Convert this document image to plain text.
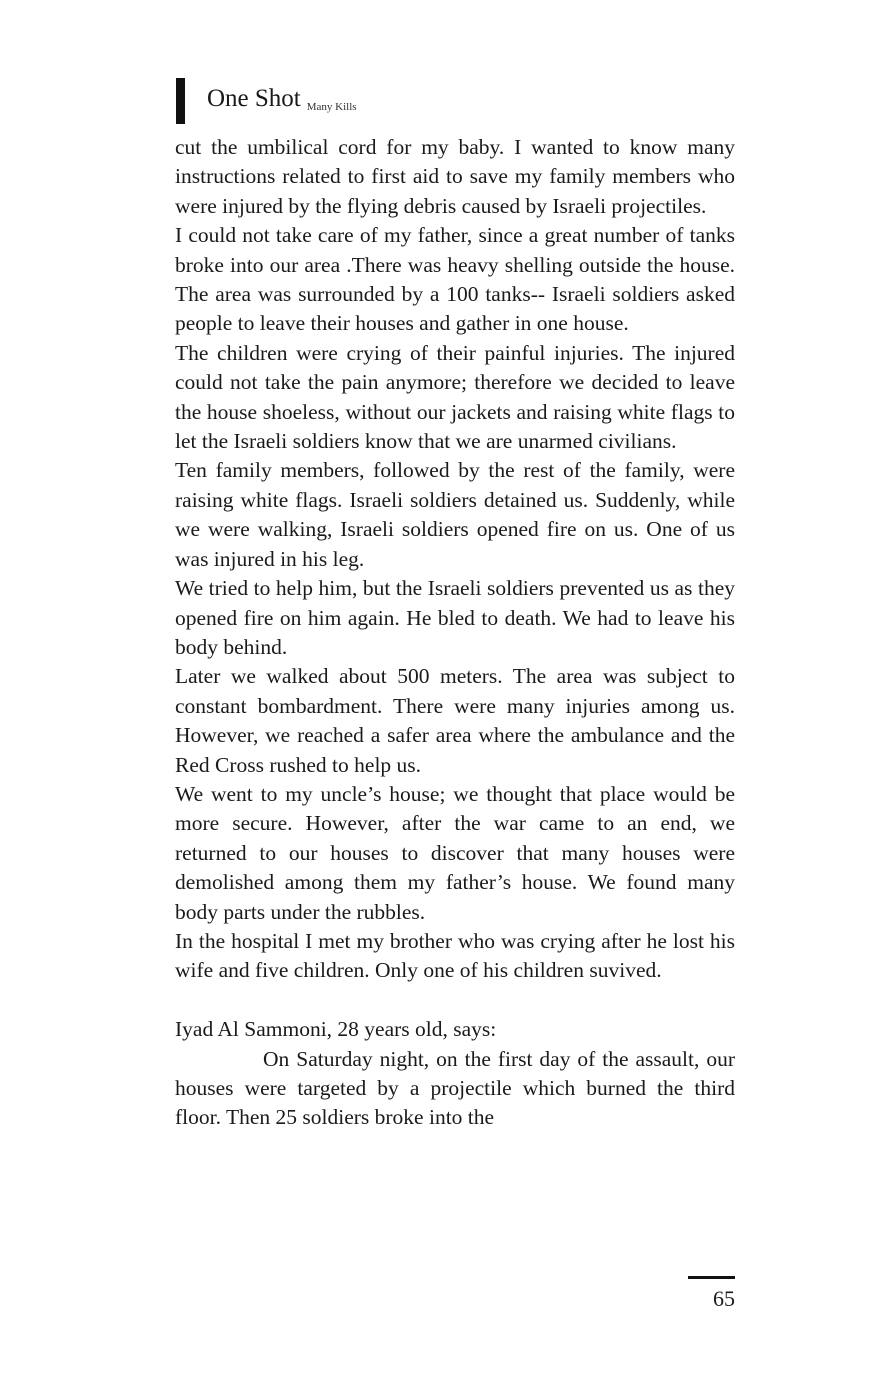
One Shot Many Kills

cut the umbilical cord for my baby. I wanted to know many instructions related to first aid to save my family members who were injured by the flying debris caused by Israeli projectiles.

I could not take care of my father, since a great number of tanks broke into our area .There was heavy shelling outside the house. The area was surrounded by a 100 tanks-- Israeli soldiers asked people to leave their houses and gather in one house.

The children were crying of their painful injuries. The injured could not take the pain anymore; therefore we decided to leave the house shoeless, without our jackets and raising white flags to let the Israeli soldiers know that we are unarmed civilians.

Ten family members, followed by the rest of the family, were raising white flags. Israeli soldiers detained us. Suddenly, while we were walking, Israeli soldiers opened fire on us. One of us was injured in his leg.

We tried to help him, but the Israeli soldiers prevented us as they opened fire on him again. He bled to death. We had to leave his body behind.

Later we walked about 500 meters. The area was subject to constant bombardment. There were many injuries among us. However, we reached a safer area where the ambulance and the Red Cross rushed to help us.

We went to my uncle’s house; we thought that place would be more secure. However, after the war came to an end, we returned to our houses to discover that many houses were demolished among them my father’s house. We found many body parts under the rubbles.

In the hospital I met my brother who was crying after he lost his wife and five children. Only one of his children suvived.

Iyad Al Sammoni, 28 years old, says:

On Saturday night, on the first day of the assault, our houses were targeted by a projectile which burned the third floor. Then 25 soldiers broke into the

65
